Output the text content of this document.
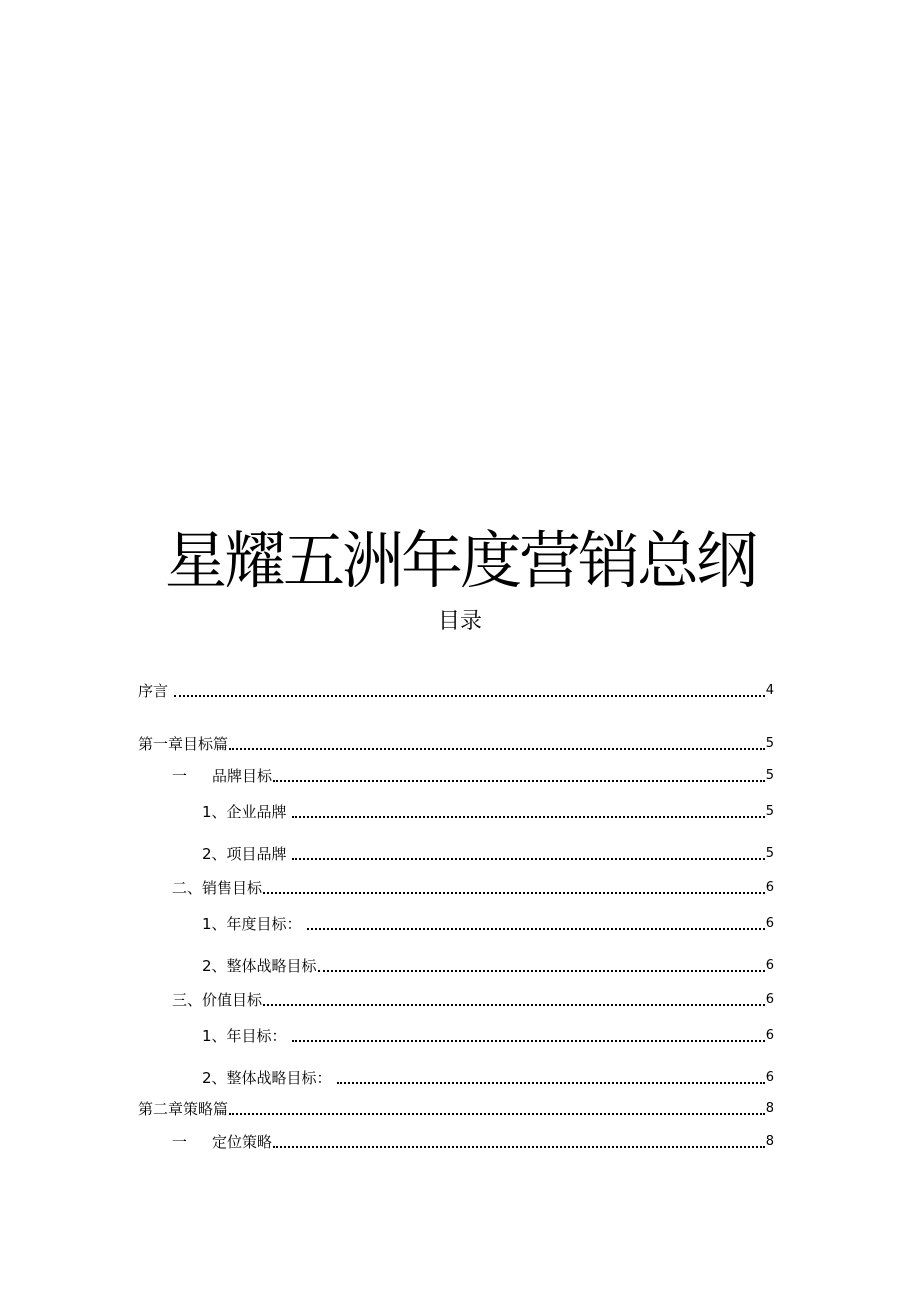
星耀五洲年度营销总纲
目录
序言	4
第一章目标篇	5
一	品牌目标	5
1、 企业品牌	5
2、 项目品牌	5
二、 销售目标	6
1、 年度目标：	6
2、 整体战略目标	6
三、 价值目标	6
1、 年目标：	6
2、 整体战略目标：	6
第二章策略篇	8
一	定位策略	8
